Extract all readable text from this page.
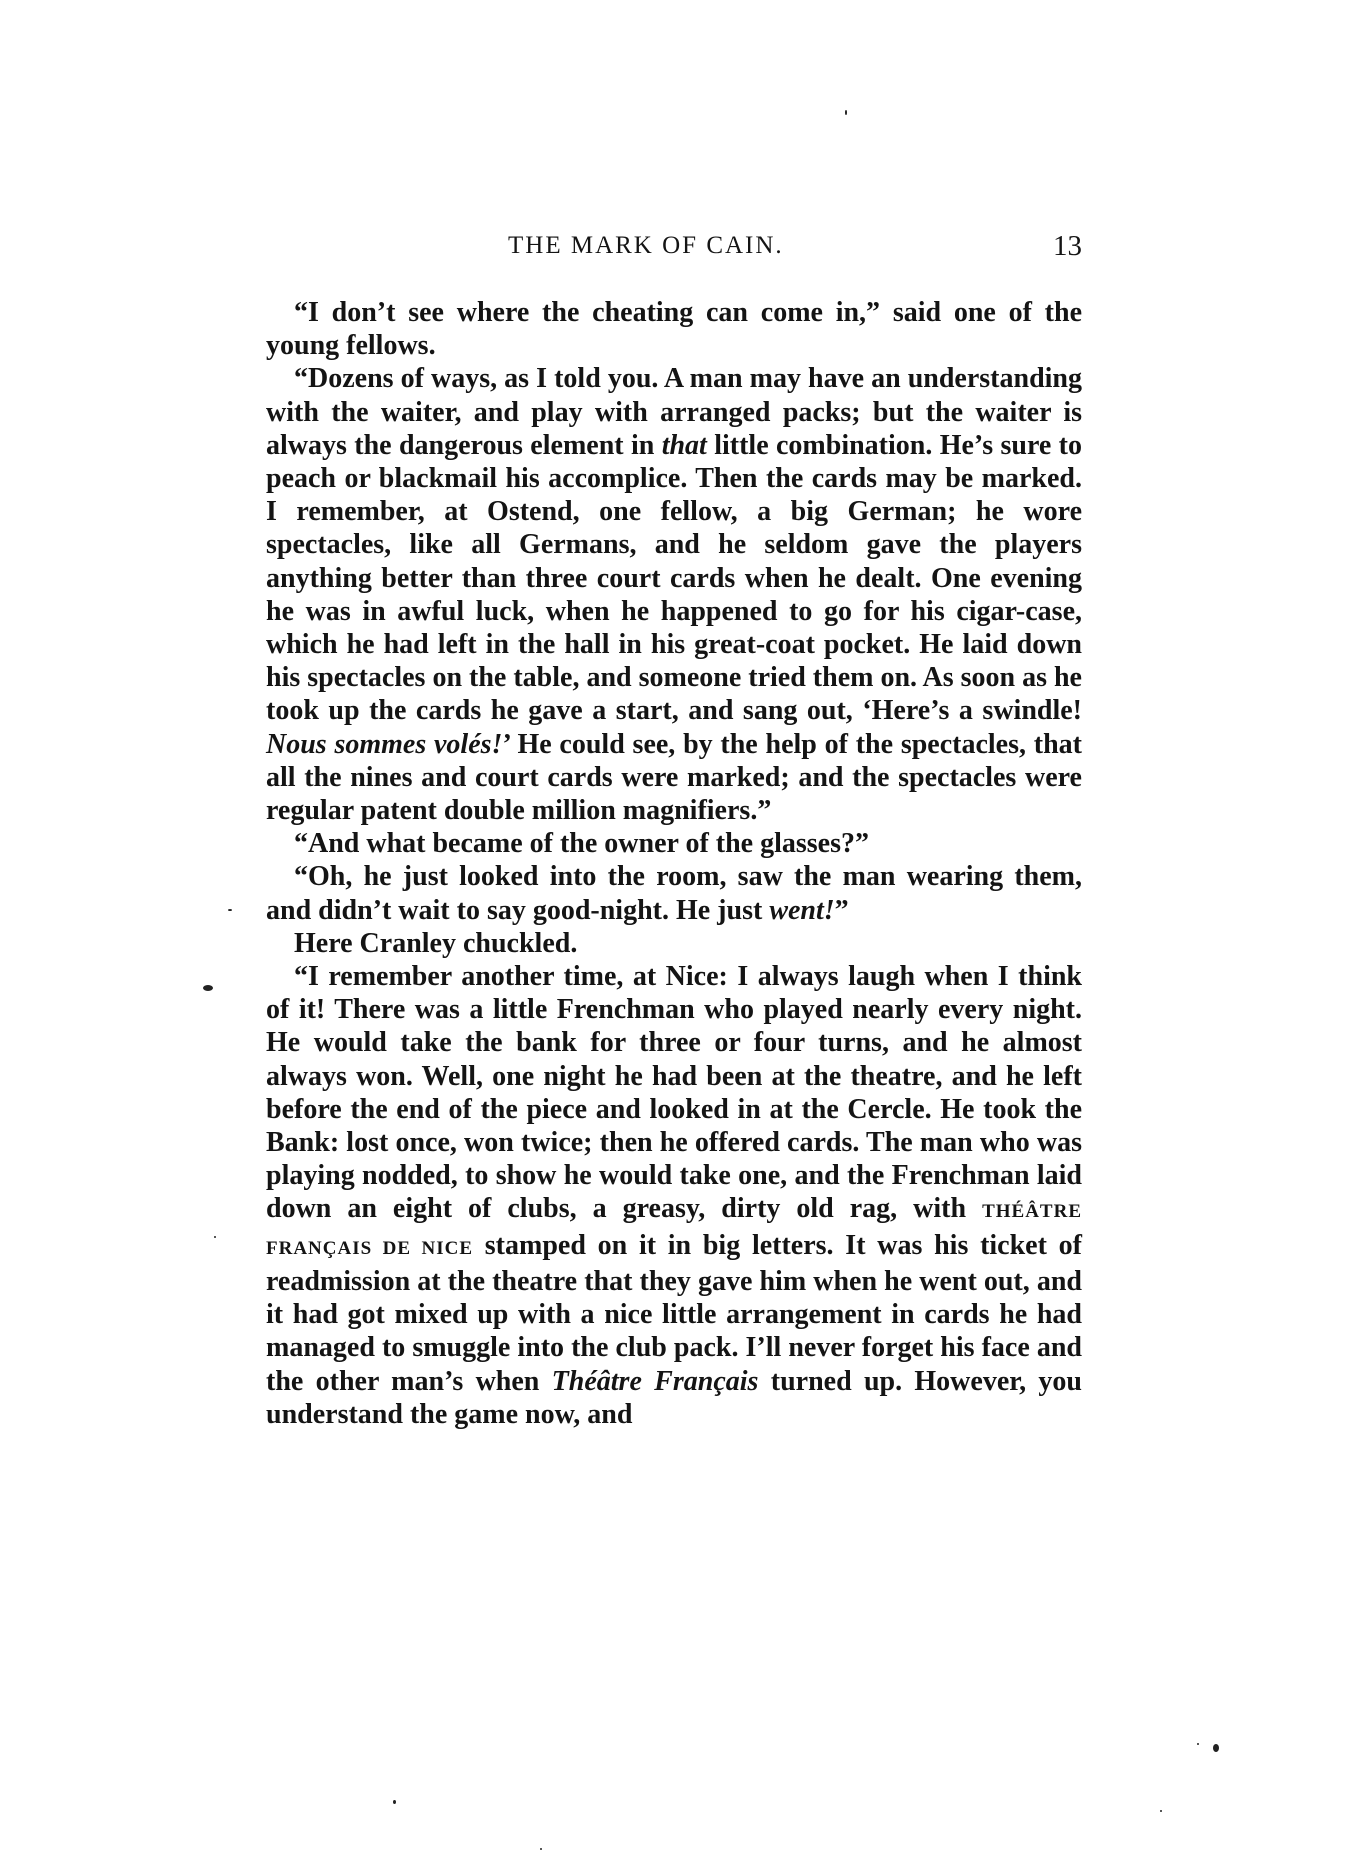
THE MARK OF CAIN.	13

“I don’t see where the cheating can come in,” said one of the young fellows.

“Dozens of ways, as I told you. A man may have an understanding with the waiter, and play with arranged packs; but the waiter is always the dangerous element in that little combination. He’s sure to peach or blackmail his accomplice. Then the cards may be marked. I remember, at Ostend, one fellow, a big German; he wore spectacles, like all Germans, and he seldom gave the players anything better than three court cards when he dealt. One evening he was in awful luck, when he happened to go for his cigar-case, which he had left in the hall in his great-coat pocket. He laid down his spectacles on the table, and someone tried them on. As soon as he took up the cards he gave a start, and sang out, ‘Here’s a swindle! Nous sommes volés!’ He could see, by the help of the spectacles, that all the nines and court cards were marked; and the spectacles were regular patent double million magnifiers.”

“And what became of the owner of the glasses?”

“Oh, he just looked into the room, saw the man wearing them, and didn’t wait to say good-night. He just went!”

Here Cranley chuckled.

“I remember another time, at Nice: I always laugh when I think of it! There was a little Frenchman who played nearly every night. He would take the bank for three or four turns, and he almost always won. Well, one night he had been at the theatre, and he left before the end of the piece and looked in at the Cercle. He took the Bank: lost once, won twice; then he offered cards. The man who was playing nodded, to show he would take one, and the Frenchman laid down an eight of clubs, a greasy, dirty old rag, with THÉÂTRE FRANÇAIS DE NICE stamped on it in big letters. It was his ticket of readmission at the theatre that they gave him when he went out, and it had got mixed up with a nice little arrangement in cards he had managed to smuggle into the club pack. I’ll never forget his face and the other man’s when Théâtre Français turned up. However, you understand the game now, and
